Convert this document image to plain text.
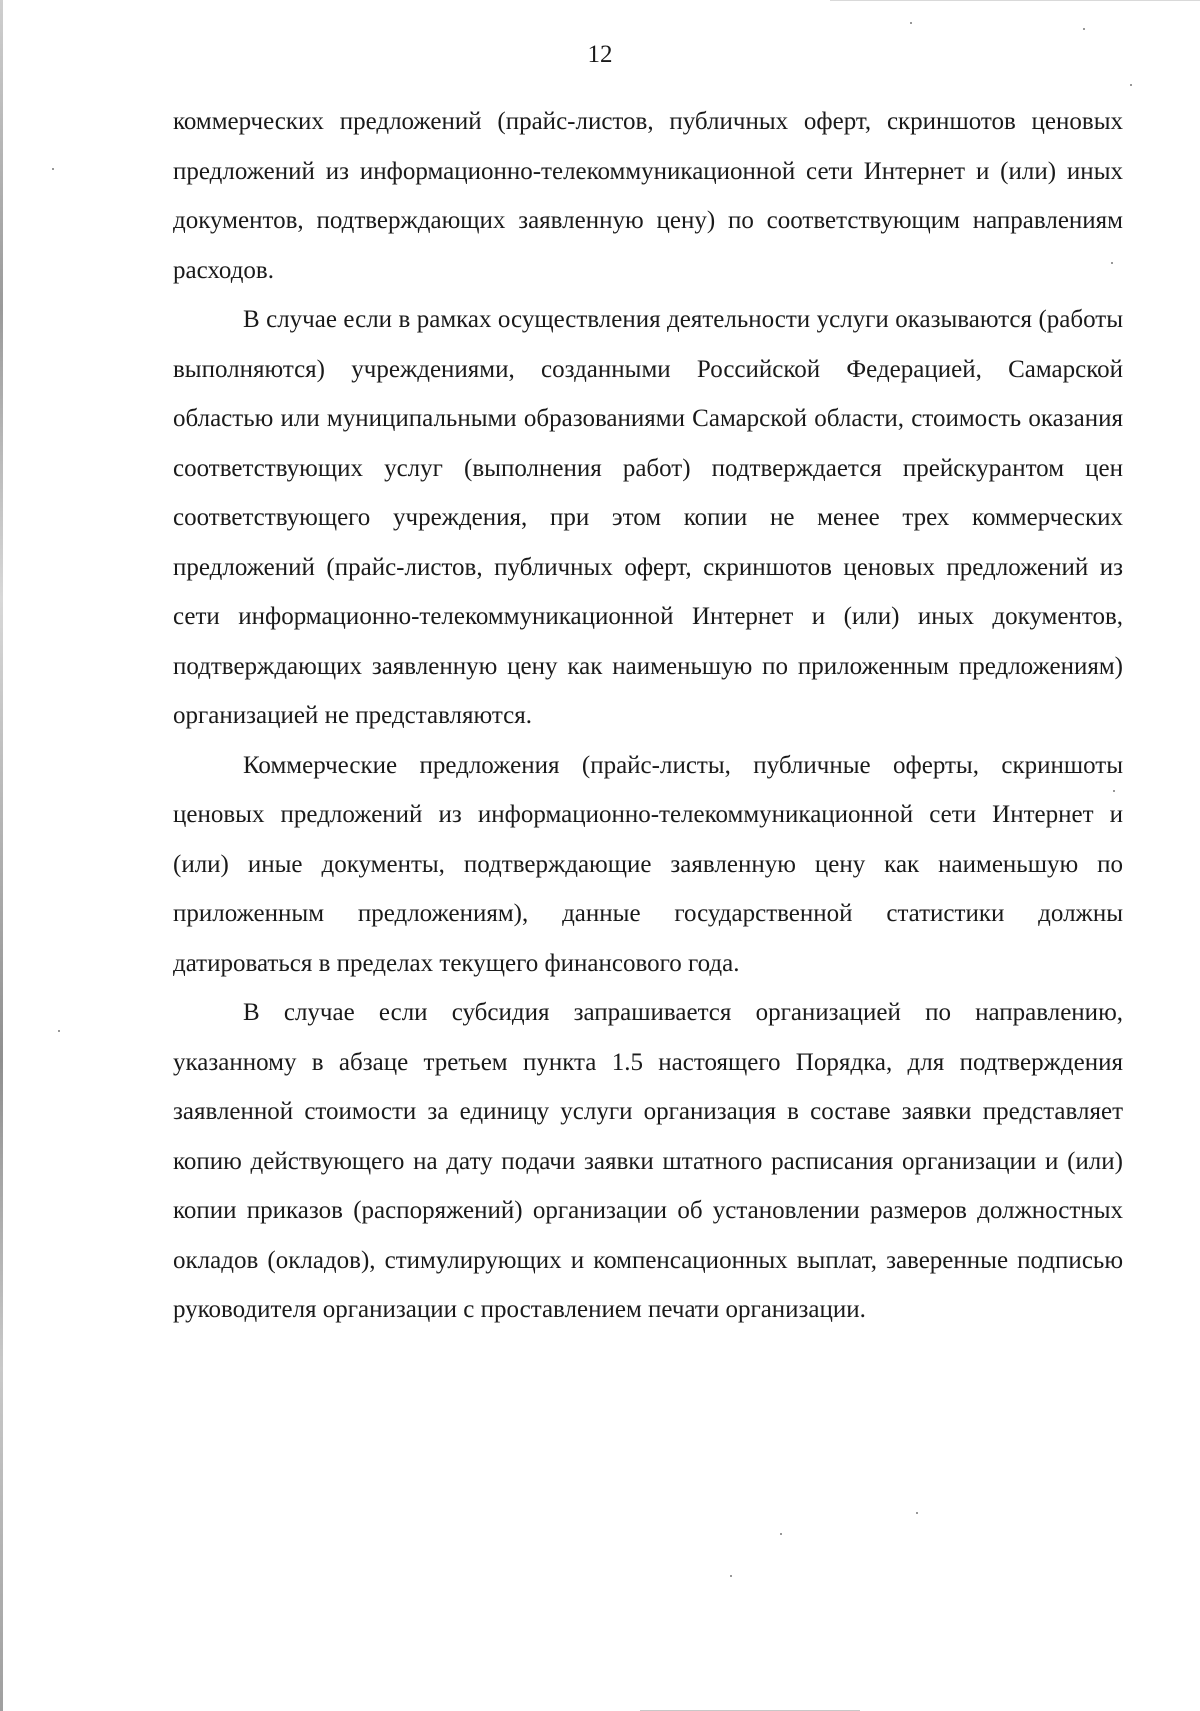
12

коммерческих предложений (прайс-листов, публичных оферт, скриншотов ценовых предложений из информационно-телекоммуникационной сети Интернет и (или) иных документов, подтверждающих заявленную цену) по соответствующим направлениям расходов.

В случае если в рамках осуществления деятельности услуги оказываются (работы выполняются) учреждениями, созданными Российской Федерацией, Самарской областью или муниципальными образованиями Самарской области, стоимость оказания соответствующих услуг (выполнения работ) подтверждается прейскурантом цен соответствующего учреждения, при этом копии не менее трех коммерческих предложений (прайс-листов, публичных оферт, скриншотов ценовых предложений из сети информационно-телекоммуникационной Интернет и (или) иных документов, подтверждающих заявленную цену как наименьшую по приложенным предложениям) организацией не представляются.

Коммерческие предложения (прайс-листы, публичные оферты, скриншоты ценовых предложений из информационно-телекоммуникационной сети Интернет и (или) иные документы, подтверждающие заявленную цену как наименьшую по приложенным предложениям), данные государственной статистики должны датироваться в пределах текущего финансового года.

В случае если субсидия запрашивается организацией по направлению, указанному в абзаце третьем пункта 1.5 настоящего Порядка, для подтверждения заявленной стоимости за единицу услуги организация в составе заявки представляет копию действующего на дату подачи заявки штатного расписания организации и (или) копии приказов (распоряжений) организации об установлении размеров должностных окладов (окладов), стимулирующих и компенсационных выплат, заверенные подписью руководителя организации с проставлением печати организации.
